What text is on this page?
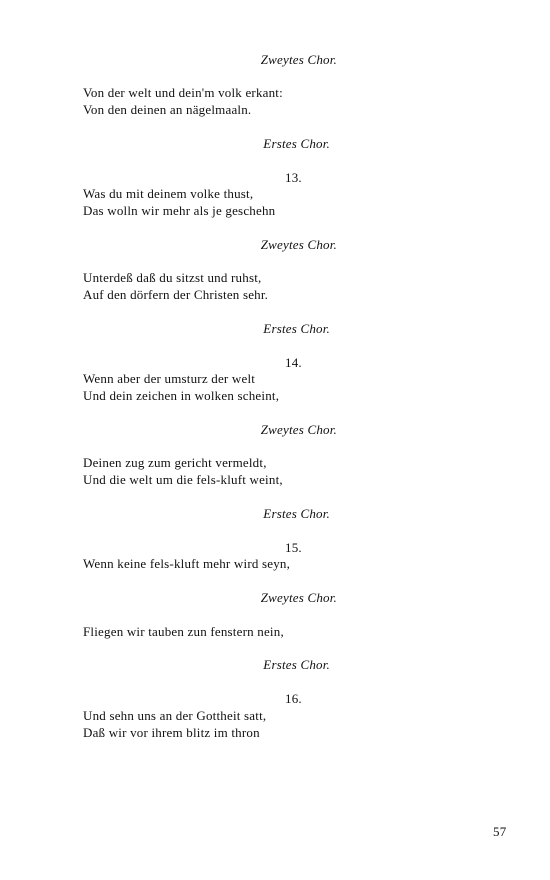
Zweytes Chor.
Von der welt und dein'm volk erkant:
Von den deinen an nägelmaaln.
Erstes Chor.
13.
Was du mit deinem volke thust,
Das wolln wir mehr als je geschehn
Zweytes Chor.
Unterdeß daß du sitzst und ruhst,
Auf den dörfern der Christen sehr.
Erstes Chor.
14.
Wenn aber der umsturz der welt
Und dein zeichen in wolken scheint,
Zweytes Chor.
Deinen zug zum gericht vermeldt,
Und die welt um die fels-kluft weint,
Erstes Chor.
15.
Wenn keine fels-kluft mehr wird seyn,
Zweytes Chor.
Fliegen wir tauben zun fenstern nein,
Erstes Chor.
16.
Und sehn uns an der Gottheit satt,
Daß wir vor ihrem blitz im thron
57
